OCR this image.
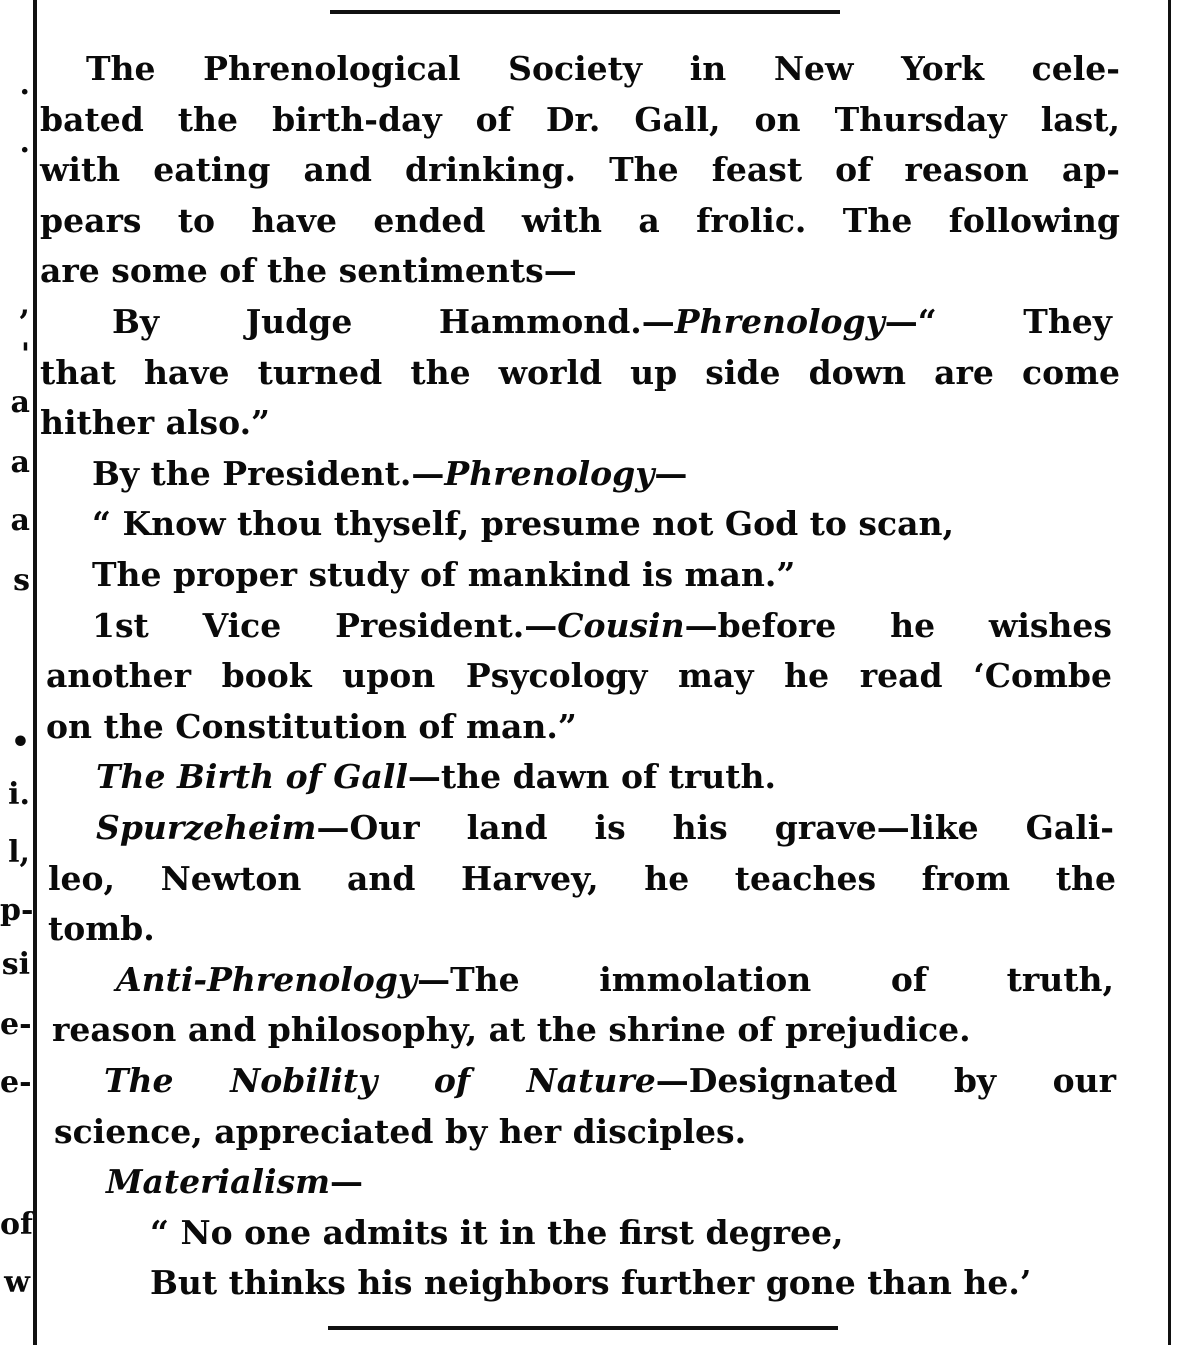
.
.
,
'
a
a
a
s
•
i.
l,
p-
si
e-
e-
of
w
The Phrenological Society in New York cele-
bated the birth-day of Dr. Gall, on Thursday last,
with eating and drinking. The feast of reason ap-
pears to have ended with a frolic. The following
are some of the sentiments—
By Judge Hammond.—Phrenology—“ They
that have turned the world up side down are come
hither also.”
By the President.—Phrenology—
“ Know thou thyself, presume not God to scan,
The proper study of mankind is man.”
1st Vice President.—Cousin—before he wishes
another book upon Psycology may he read ‘Combe
on the Constitution of man.”
The Birth of Gall—the dawn of truth.
Spurzeheim—Our land is his grave—like Gali-
leo, Newton and Harvey, he teaches from the
tomb.
Anti-Phrenology—The immolation of truth,
reason and philosophy, at the shrine of prejudice.
The Nobility of Nature—Designated by our
science, appreciated by her disciples.
Materialism—
“ No one admits it in the first degree,
But thinks his neighbors further gone than he.’
